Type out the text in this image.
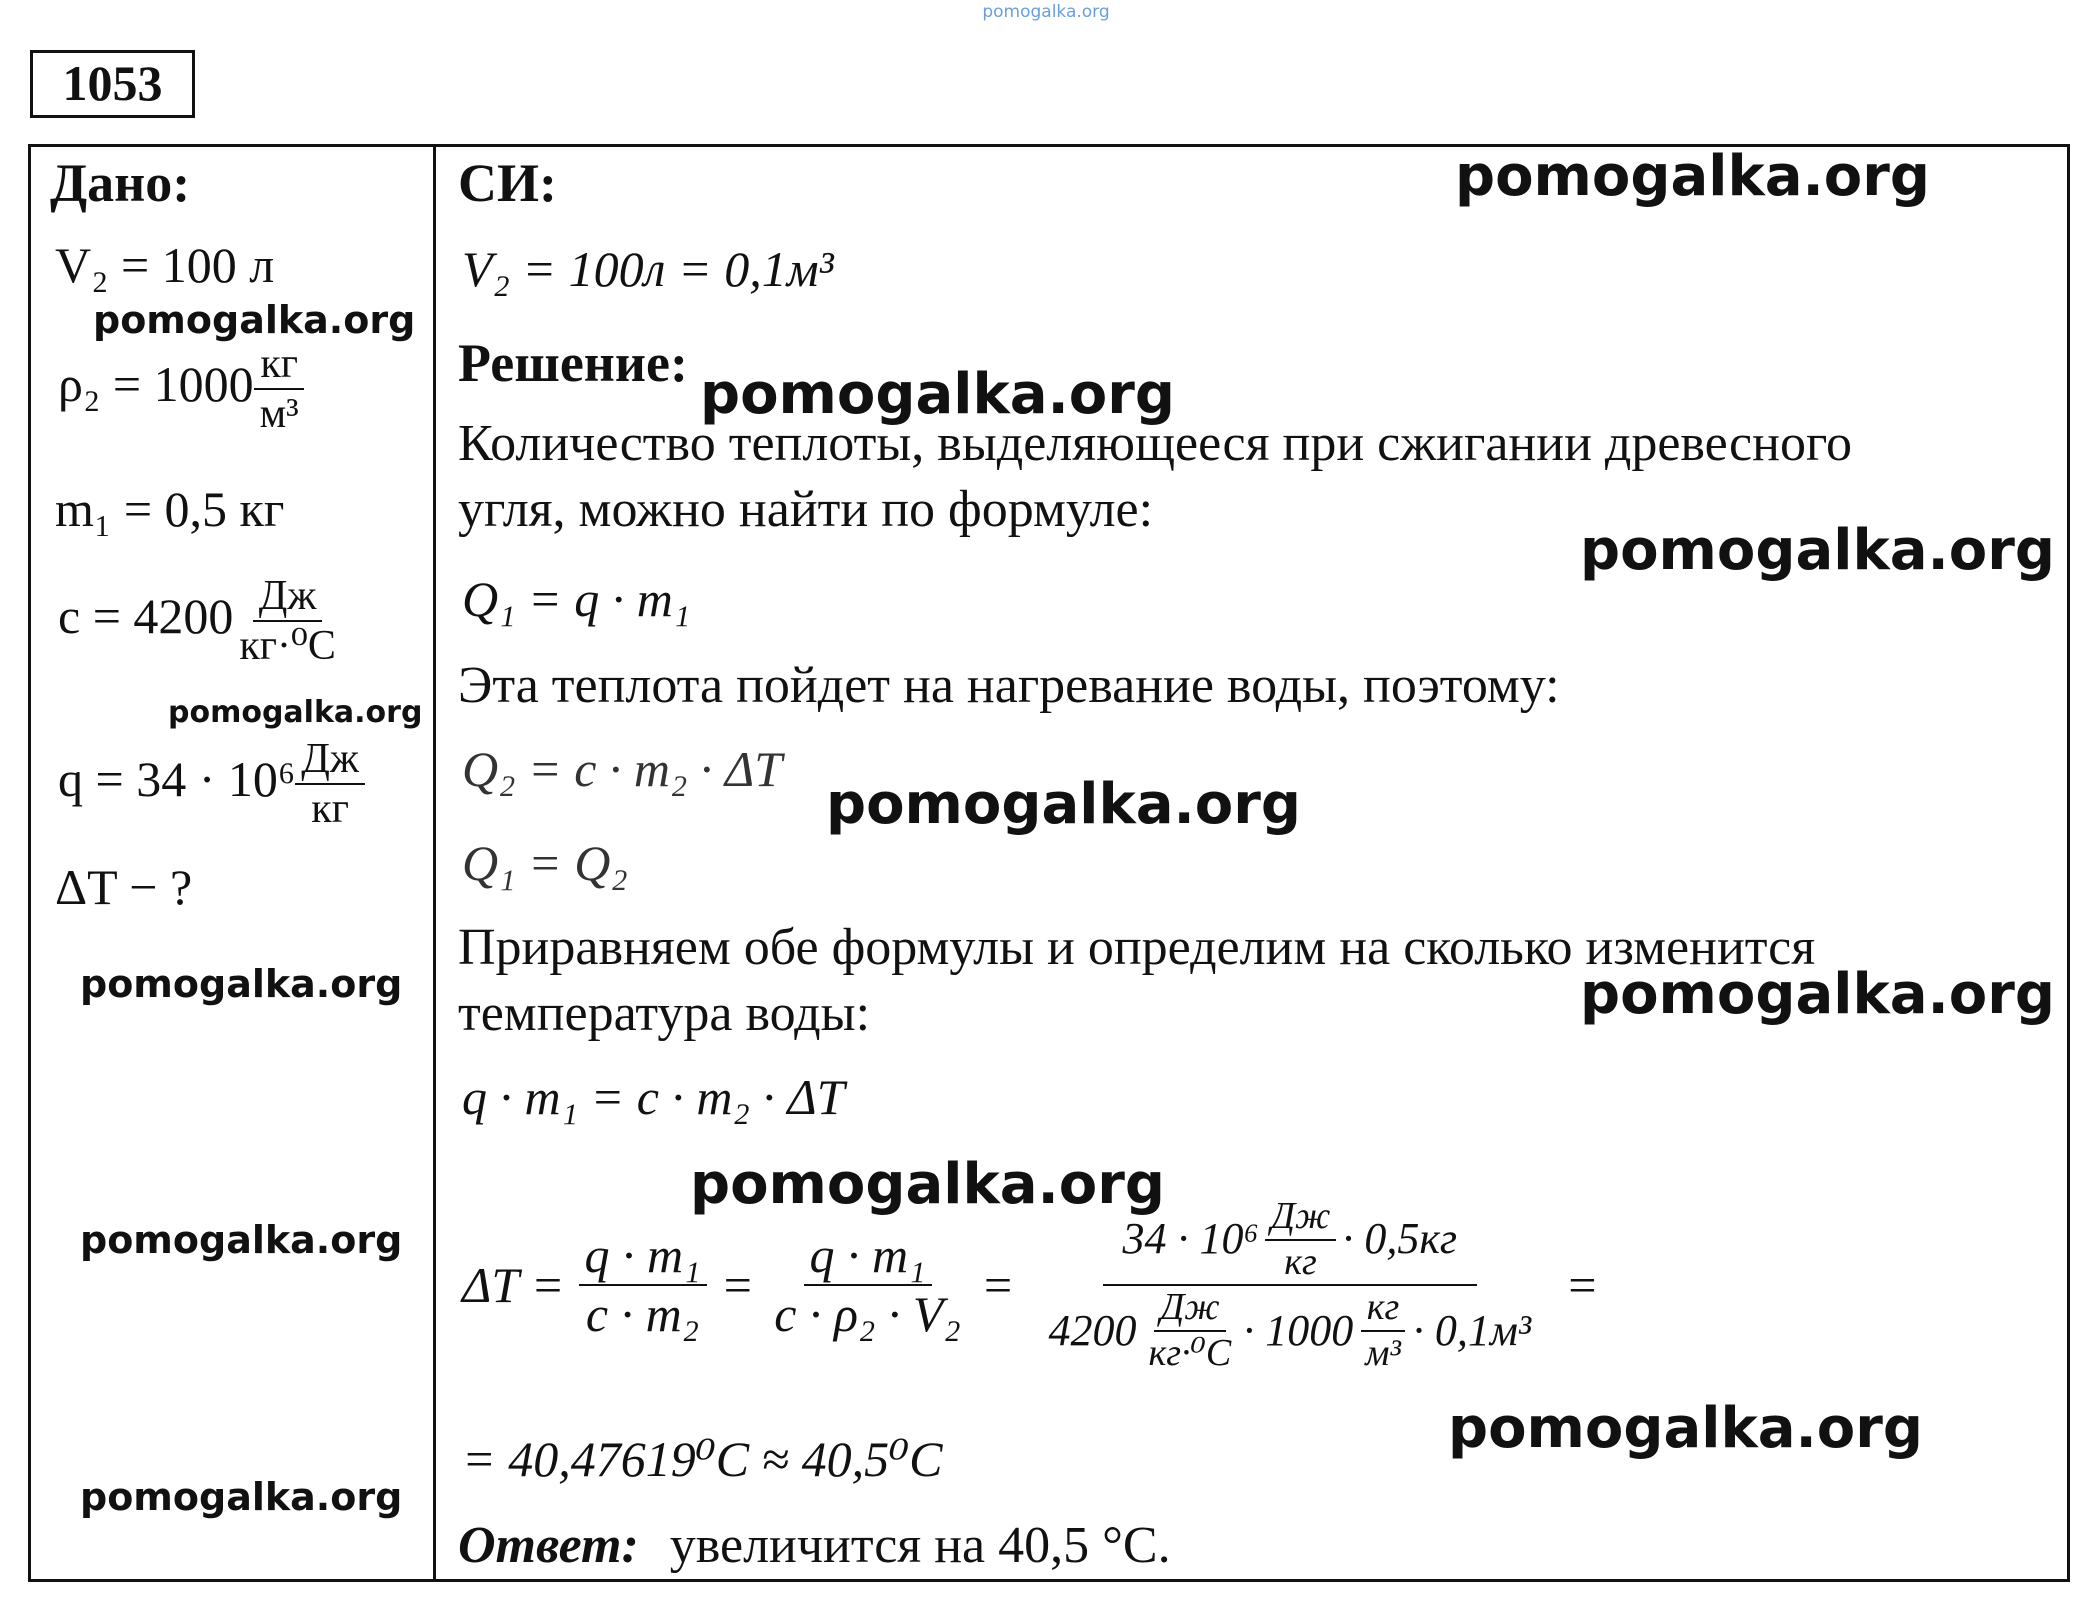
pomogalka.org
1053
Дано:
V₂ = 100 л
pomogalka.org
$\rho_2 = 1000 \frac{кг}{\text{м³}}$
m₁ = 0,5 кг
$c = 4200 \frac{Дж}{\text{кг·⁰C}}$
pomogalka.org
$q = 34 \cdot 10^6 \frac{Дж}{кг}$
ΔT − ?
pomogalka.org
pomogalka.org
pomogalka.org
СИ:	pomogalka.org
V₂ = 100л = 0,1м³
Решение: pomogalka.org
Количество теплоты, выделяющееся при сжигании древесного
угля, можно найти по формуле:
pomogalka.org
Q₁ = q · m₁
Эта теплота пойдет на нагревание воды, поэтому:
Q₂ = c · m₂ · ΔT
pomogalka.org
Q₁ = Q₂
Приравняем обе формулы и определим на сколько изменится
температура воды:	pomogalka.org
q · m₁ = c · m₂ · ΔT
pomogalka.org
$\Delta T = \frac{\text{q · m₁}}{\text{c · m₂}} = \frac{\text{q · m₁}}{\text{c · ρ₂ · V₂}} = \frac{34 \cdot 10^6 \frac{Дж}{кг} \cdot 0,5кг}{4200 \frac{Дж}{\text{кг·⁰C}} \cdot 1000 \frac{кг}{\text{м³}} \cdot 0,1м^3}$ =
pomogalka.org
= 40,47619⁰C ≈ 40,5⁰C
Ответ: увеличится на 40,5 °C.
